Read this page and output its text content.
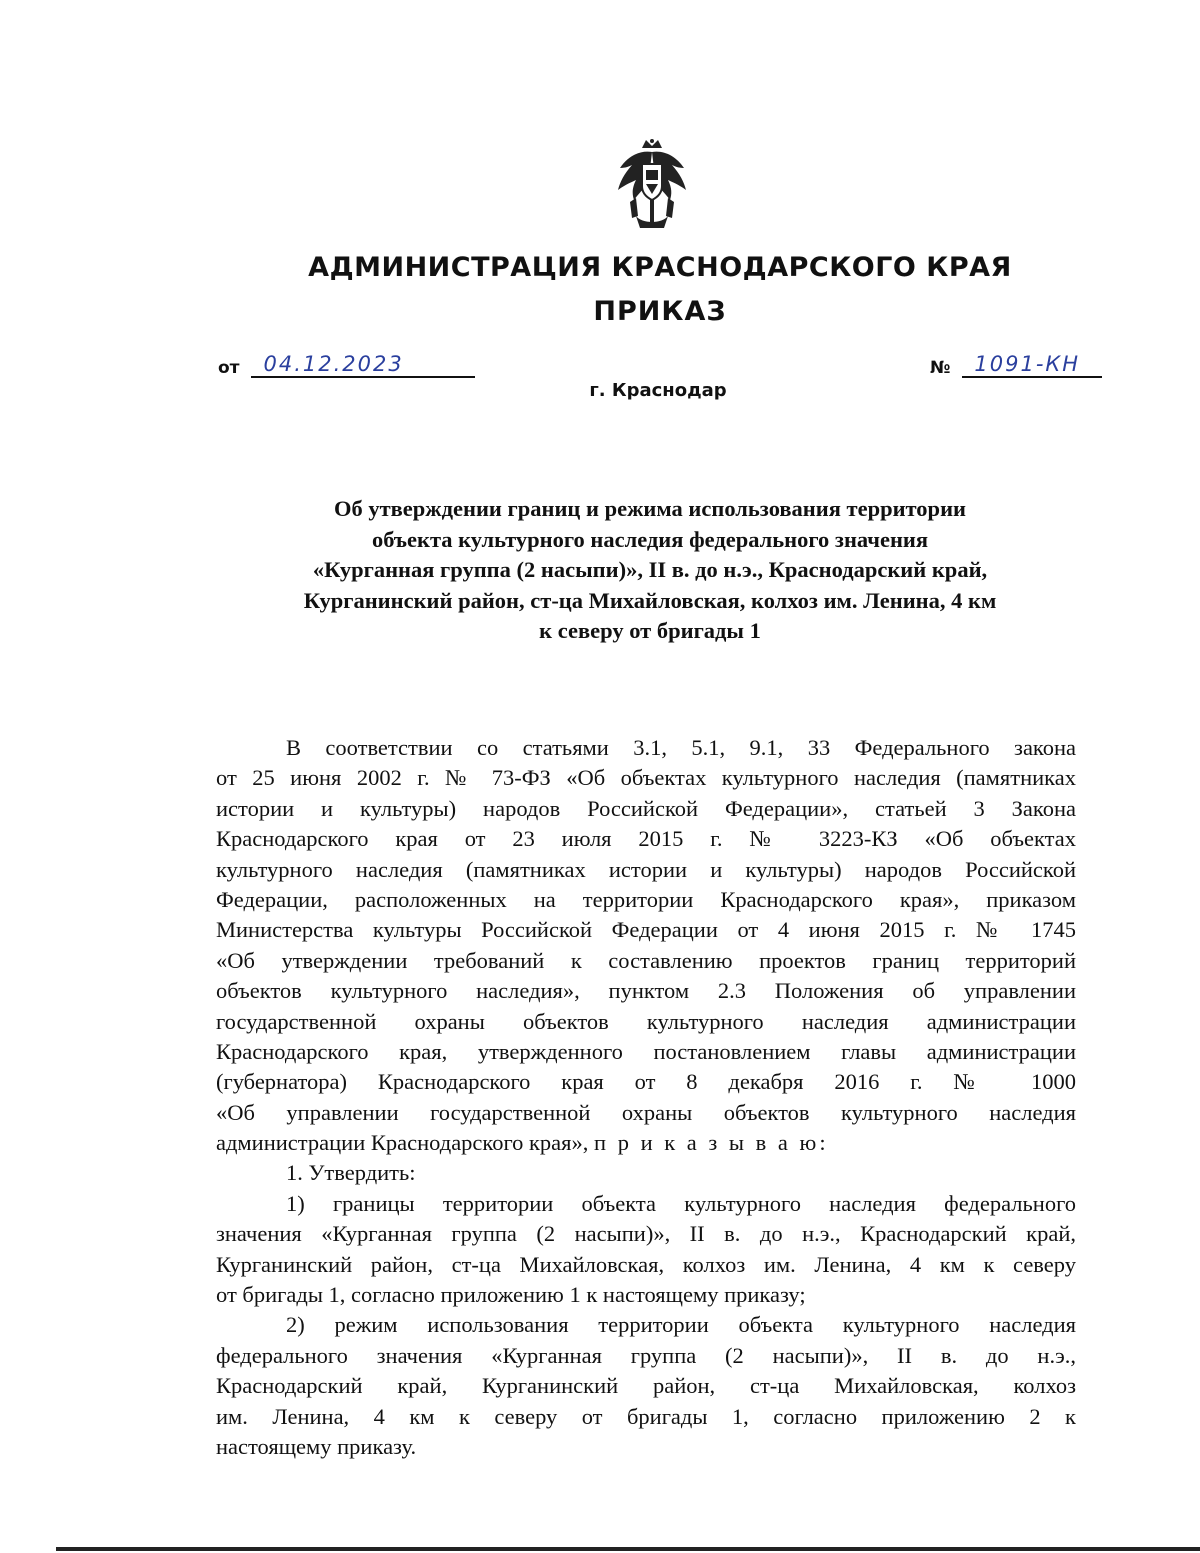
АДМИНИСТРАЦИЯ КРАСНОДАРСКОГО КРАЯ
ПРИКАЗ
от 04.12.2023	№ 1091-КН
г. Краснодар
Об утверждении границ и режима использования территории
объекта культурного наследия федерального значения
«Курганная группа (2 насыпи)», II в. до н.э., Краснодарский край,
Курганинский район, ст-ца Михайловская, колхоз им. Ленина, 4 км
к северу от бригады 1
В соответствии со статьями 3.1, 5.1, 9.1, 33 Федерального закона
от 25 июня 2002 г. № 73-ФЗ «Об объектах культурного наследия (памятниках
истории и культуры) народов Российской Федерации», статьей 3 Закона
Краснодарского края от 23 июля 2015 г. № 3223-КЗ «Об объектах
культурного наследия (памятниках истории и культуры) народов Российской
Федерации, расположенных на территории Краснодарского края», приказом
Министерства культуры Российской Федерации от 4 июня 2015 г. № 1745
«Об утверждении требований к составлению проектов границ территорий
объектов культурного наследия», пунктом 2.3 Положения об управлении
государственной охраны объектов культурного наследия администрации
Краснодарского края, утвержденного постановлением главы администрации
(губернатора) Краснодарского края от 8 декабря 2016 г. № 1000
«Об управлении государственной охраны объектов культурного наследия
администрации Краснодарского края», п р и к а з ы в а ю:
1. Утвердить:
1) границы территории объекта культурного наследия федерального
значения «Курганная группа (2 насыпи)», II в. до н.э., Краснодарский край,
Курганинский район, ст-ца Михайловская, колхоз им. Ленина, 4 км к северу
от бригады 1, согласно приложению 1 к настоящему приказу;
2) режим использования территории объекта культурного наследия
федерального значения «Курганная группа (2 насыпи)», II в. до н.э.,
Краснодарский край, Курганинский район, ст-ца Михайловская, колхоз
им. Ленина, 4 км к северу от бригады 1, согласно приложению 2 к
настоящему приказу.
